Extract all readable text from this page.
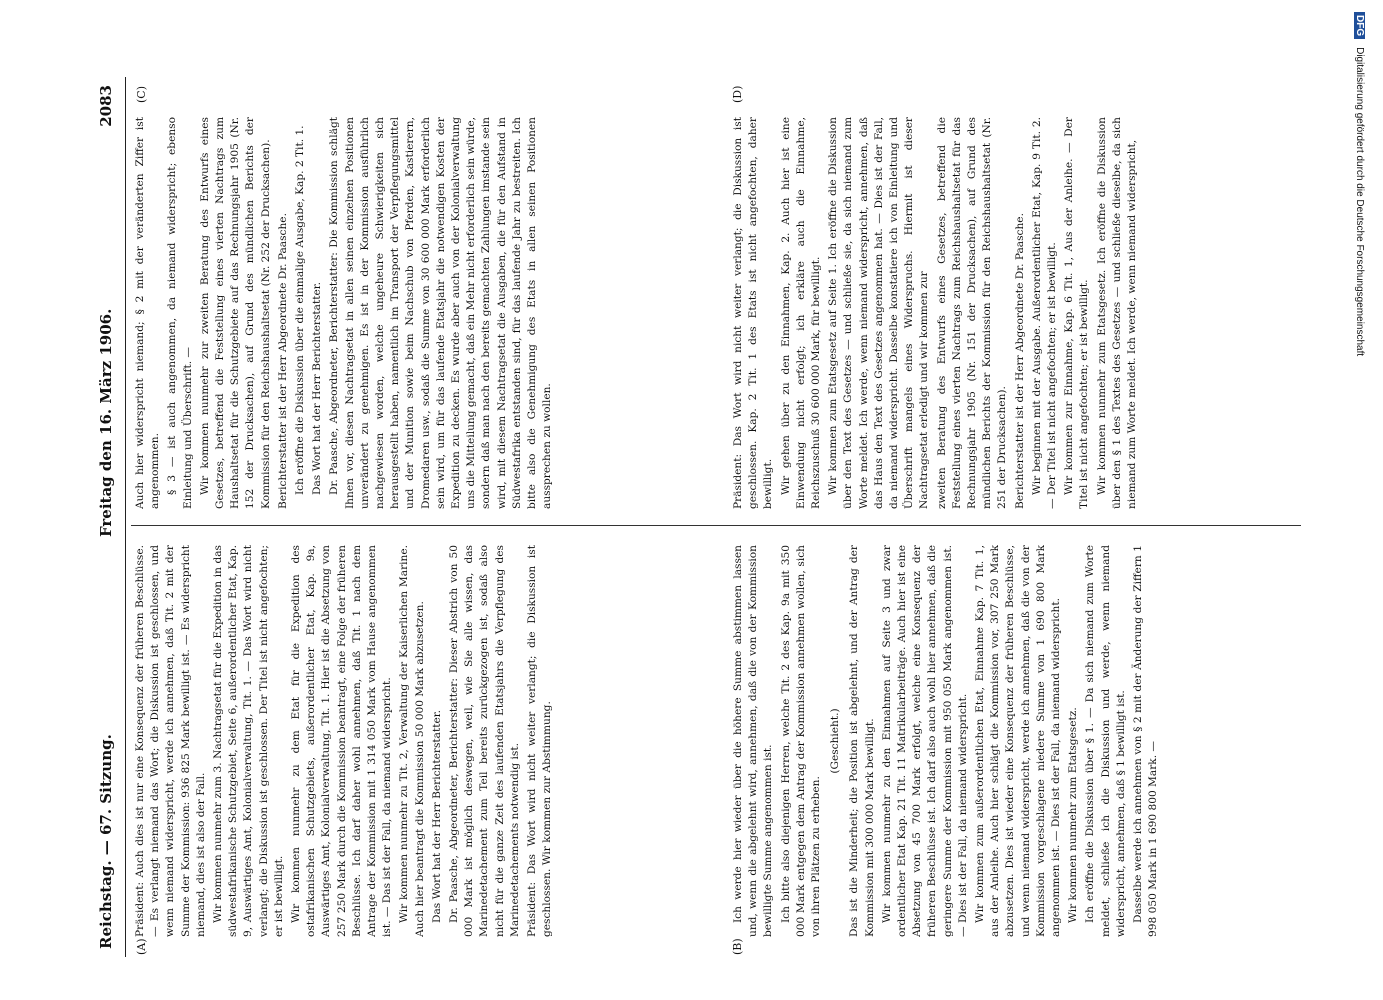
Reichstag. — 67. Sitzung.
Freitag den 16. März 1906.
2083
(A)	(B)
(C)	(D)

Präsident: Auch dies ist nur eine Konsequenz der früheren Beschlüsse. — Es verlangt niemand das Wort; die Diskussion ist geschlossen, und wenn niemand widerspricht, werde ich annehmen, daß Tit. 2 mit der Summe der Kommission: 936 825 Mark bewilligt ist. — Es widerspricht niemand, dies ist also der Fall. Wir kommen nunmehr zum 3. Nachtragsetat für die Expedition in das südwestafrikanische Schutzgebiet, Seite 6, außerordentlicher Etat, Kap. 9, Auswärtiges Amt, Kolonialverwaltung, Tit. 1. — Das Wort wird nicht verlangt; die Diskussion ist geschlossen. Der Titel ist nicht angefochten; er ist bewilligt. Wir kommen nunmehr zu dem Etat für die Expedition des ostafrikanischen Schutzgebiets, außerordentlicher Etat, Kap. 9a, Auswärtiges Amt, Kolonialverwaltung, Tit. 1. Hier ist die Absetzung von 257 250 Mark durch die Kommission beantragt, eine Folge der früheren Beschlüsse. Ich darf daher wohl annehmen, daß Tit. 1 nach dem Antrage der Kommission mit 1 314 050 Mark vom Hause angenommen ist. — Das ist der Fall, da niemand widerspricht. Wir kommen nunmehr zu Tit. 2, Verwaltung der Kaiserlichen Marine. Auch hier beantragt die Kommission 50 000 Mark abzusetzen. Das Wort hat der Herr Berichterstatter. Dr. Paasche, Abgeordneter, Berichterstatter: Dieser Abstrich von 50 000 Mark ist möglich deswegen, weil, wie Sie alle wissen, das Marinedetachement zum Teil bereits zurückgezogen ist, sodaß also nicht für die ganze Zeit des laufenden Etatsjahrs die Verpflegung des Marinedetachements notwendig ist. Präsident: Das Wort wird nicht weiter verlangt; die Diskussion ist geschlossen. Wir kommen zur Abstimmung.	Ich werde hier wieder über die höhere Summe abstimmen lassen und, wenn die abgelehnt wird, annehmen, daß die von der Kommission bewilligte Summe angenommen ist. Ich bitte also diejenigen Herren, welche Tit. 2 des Kap. 9a mit 350 000 Mark entgegen dem Antrag der Kommission annehmen wollen, sich von ihren Plätzen zu erheben.

(Geschieht.) Das ist die Minderheit; die Position ist abgelehnt, und der Antrag der Kommission mit 300 000 Mark bewilligt. Wir kommen nunmehr zu den Einnahmen auf Seite 3 und zwar ordentlicher Etat Kap. 21 Tit. 11 Matrikularbeiträge. Auch hier ist eine Absetzung von 45 700 Mark erfolgt, welche eine Konsequenz der früheren Beschlüsse ist. Ich darf also auch wohl hier annehmen, daß die geringere Summe der Kommission mit 950 050 Mark angenommen ist. — Dies ist der Fall, da niemand widerspricht. Wir kommen zum außerordentlichen Etat, Einnahme Kap. 7 Tit. 1, aus der Anleihe. Auch hier schlägt die Kommission vor, 307 250 Mark abzusetzen. Dies ist wieder eine Konsequenz der früheren Beschlüsse, und wenn niemand widerspricht, werde ich annehmen, daß die von der Kommission vorgeschlagene niedere Summe von 1 690 800 Mark angenommen ist. — Dies ist der Fall, da niemand widerspricht. Wir kommen nunmehr zum Etatsgesetz. Ich eröffne die Diskussion über § 1. — Da sich niemand zum Worte meldet, schließe ich die Diskussion und werde, wenn niemand widerspricht, annehmen, daß § 1 bewilligt ist. Dasselbe werde ich annehmen von § 2 mit der Änderung der Ziffern 1 998 050 Mark in 1 690 800 Mark. —

Auch hier widerspricht niemand; § 2 mit der veränderten Ziffer ist angenommen. § 3 — ist auch angenommen, da niemand widerspricht; ebenso Einleitung und Überschrift. — Wir kommen nunmehr zur zweiten Beratung des Entwurfs eines Gesetzes, betreffend die Feststellung eines vierten Nachtrags zum Haushaltsetat für die Schutzgebiete auf das Rechnungsjahr 1905 (Nr. 152 der Drucksachen), auf Grund des mündlichen Berichts der Kommission für den Reichshaushaltsetat (Nr. 252 der Drucksachen). Berichterstatter ist der Herr Abgeordnete Dr. Paasche. Ich eröffne die Diskussion über die einmalige Ausgabe, Kap. 2 Tit. 1. Das Wort hat der Herr Berichterstatter. Dr. Paasche, Abgeordneter, Berichterstatter: Die Kommission schlägt Ihnen vor, diesen Nachtragsetat in allen seinen einzelnen Positionen unverändert zu genehmigen. Es ist in der Kommission ausführlich nachgewiesen worden, welche ungeheure Schwierigkeiten sich herausgestellt haben, namentlich im Transport der Verpflegungsmittel und der Munition sowie beim Nachschub von Pferden, Kastierern, Dromedaren usw., sodaß die Summe von 30 600 000 Mark erforderlich sein wird, um für das laufende Etatsjahr die notwendigen Kosten der Expedition zu decken. Es wurde aber auch von der Kolonialverwaltung uns die Mitteilung gemacht, daß ein Mehr nicht erforderlich sein würde, sondern daß man nach den bereits gemachten Zahlungen imstande sein wird, mit diesem Nachtragsetat die Ausgaben, die für den Aufstand in Südwestafrika entstanden sind, für das laufende Jahr zu bestreiten. Ich bitte also die Genehmigung des Etats in allen seinen Positionen aussprechen zu wollen.	Präsident: Das Wort wird nicht weiter verlangt; die Diskussion ist geschlossen. Kap. 2 Tit. 1 des Etats ist nicht angefochten, daher bewilligt. Wir gehen über zu den Einnahmen, Kap. 2. Auch hier ist eine Einwendung nicht erfolgt; ich erkläre auch die Einnahme, Reichszuschuß 30 600 000 Mark, für bewilligt. Wir kommen zum Etatsgesetz auf Seite 1. Ich eröffne die Diskussion über den Text des Gesetzes — und schließe sie, da sich niemand zum Worte meldet. Ich werde, wenn niemand widerspricht, annehmen, daß das Haus den Text des Gesetzes angenommen hat. — Dies ist der Fall, da niemand widerspricht. Dasselbe konstatiere ich von Einleitung und Überschrift mangels eines Widerspruchs. Hiermit ist dieser Nachtragsetat erledigt und wir kommen zur zweiten Beratung des Entwurfs eines Gesetzes, betreffend die Feststellung eines vierten Nachtrags zum Reichshaushaltsetat für das Rechnungsjahr 1905 (Nr. 151 der Drucksachen), auf Grund des mündlichen Berichts der Kommission für den Reichshaushaltsetat (Nr. 251 der Drucksachen). Berichterstatter ist der Herr Abgeordnete Dr. Paasche. Wir beginnen mit der Ausgabe. Außerordentlicher Etat, Kap. 9 Tit. 2. — Der Titel ist nicht angefochten; er ist bewilligt. Wir kommen zur Einnahme, Kap. 6 Tit. 1, Aus der Anleihe. — Der Titel ist nicht angefochten; er ist bewilligt. Wir kommen nunmehr zum Etatsgesetz. Ich eröffne die Diskussion über den § 1 des Textes des Gesetzes — und schließe dieselbe, da sich niemand zum Worte meldet. Ich werde, wenn niemand widerspricht,

DFGDigitalisierung gefördert durch die Deutsche Forschungsgemeinschaft
